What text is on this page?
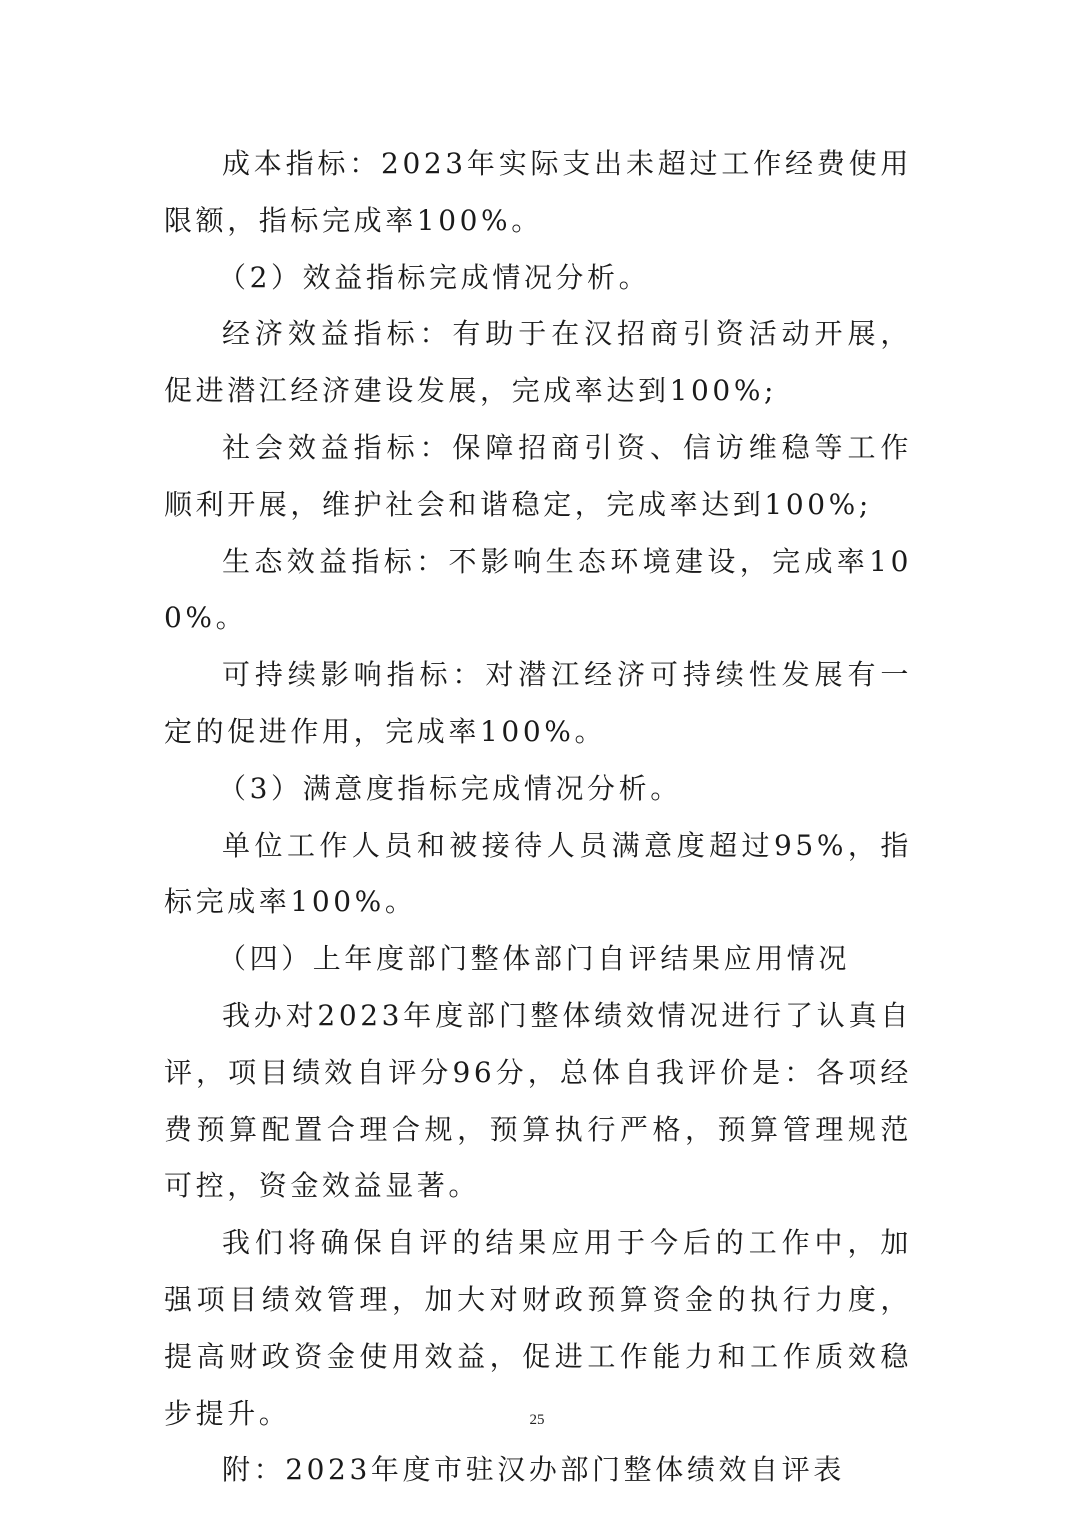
成本指标：2023年实际支出未超过工作经费使用限额，指标完成率100%。

（2）效益指标完成情况分析。

经济效益指标：有助于在汉招商引资活动开展，促进潜江经济建设发展，完成率达到100%;

社会效益指标：保障招商引资、信访维稳等工作顺利开展，维护社会和谐稳定，完成率达到100%;

生态效益指标：不影响生态环境建设，完成率100%。

可持续影响指标：对潜江经济可持续性发展有一定的促进作用，完成率100%。

（3）满意度指标完成情况分析。

单位工作人员和被接待人员满意度超过95%，指标完成率100%。

（四）上年度部门整体部门自评结果应用情况

我办对2023年度部门整体绩效情况进行了认真自评，项目绩效自评分96分，总体自我评价是：各项经费预算配置合理合规，预算执行严格，预算管理规范可控，资金效益显著。

我们将确保自评的结果应用于今后的工作中，加强项目绩效管理，加大对财政预算资金的执行力度，提高财政资金使用效益，促进工作能力和工作质效稳步提升。

附：2023年度市驻汉办部门整体绩效自评表

25
